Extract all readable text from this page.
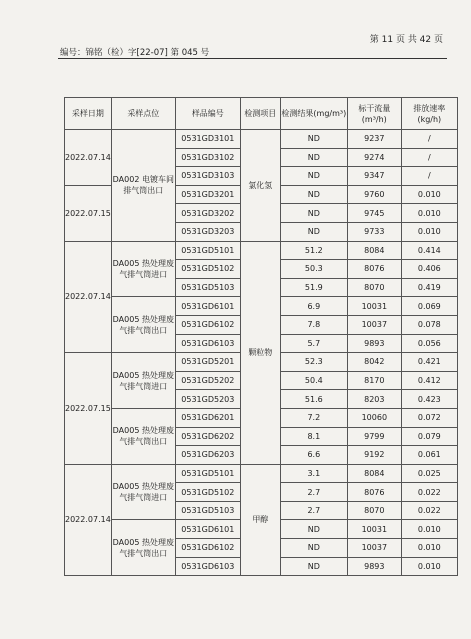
第 11 页 共 42 页
编号：锦铭（检）字[22-07] 第 045 号
采样日期	采样点位	样品编号	检测项目	检测结果(mg/m³)	标干流量(m³/h)	排放速率(kg/h)
2022.07.14	DA002 电镀车间排气筒出口	0531GD3101	氯化氢	ND	9237	/
		0531GD3102		ND	9274	/
		0531GD3103		ND	9347	/
2022.07.15		0531GD3201		ND	9760	0.010
		0531GD3202		ND	9745	0.010
		0531GD3203		ND	9733	0.010
2022.07.14	DA005 热处理废气排气筒进口	0531GD5101	颗粒物	51.2	8084	0.414
		0531GD5102		50.3	8076	0.406
		0531GD5103		51.9	8070	0.419
	DA005 热处理废气排气筒出口	0531GD6101		6.9	10031	0.069
		0531GD6102		7.8	10037	0.078
		0531GD6103		5.7	9893	0.056
2022.07.15	DA005 热处理废气排气筒进口	0531GD5201		52.3	8042	0.421
		0531GD5202		50.4	8170	0.412
		0531GD5203		51.6	8203	0.423
	DA005 热处理废气排气筒出口	0531GD6201		7.2	10060	0.072
		0531GD6202		8.1	9799	0.079
		0531GD6203		6.6	9192	0.061
2022.07.14	DA005 热处理废气排气筒进口	0531GD5101	甲醇	3.1	8084	0.025
		0531GD5102		2.7	8076	0.022
		0531GD5103		2.7	8070	0.022
	DA005 热处理废气排气筒出口	0531GD6101		ND	10031	0.010
		0531GD6102		ND	10037	0.010
		0531GD6103		ND	9893	0.010
